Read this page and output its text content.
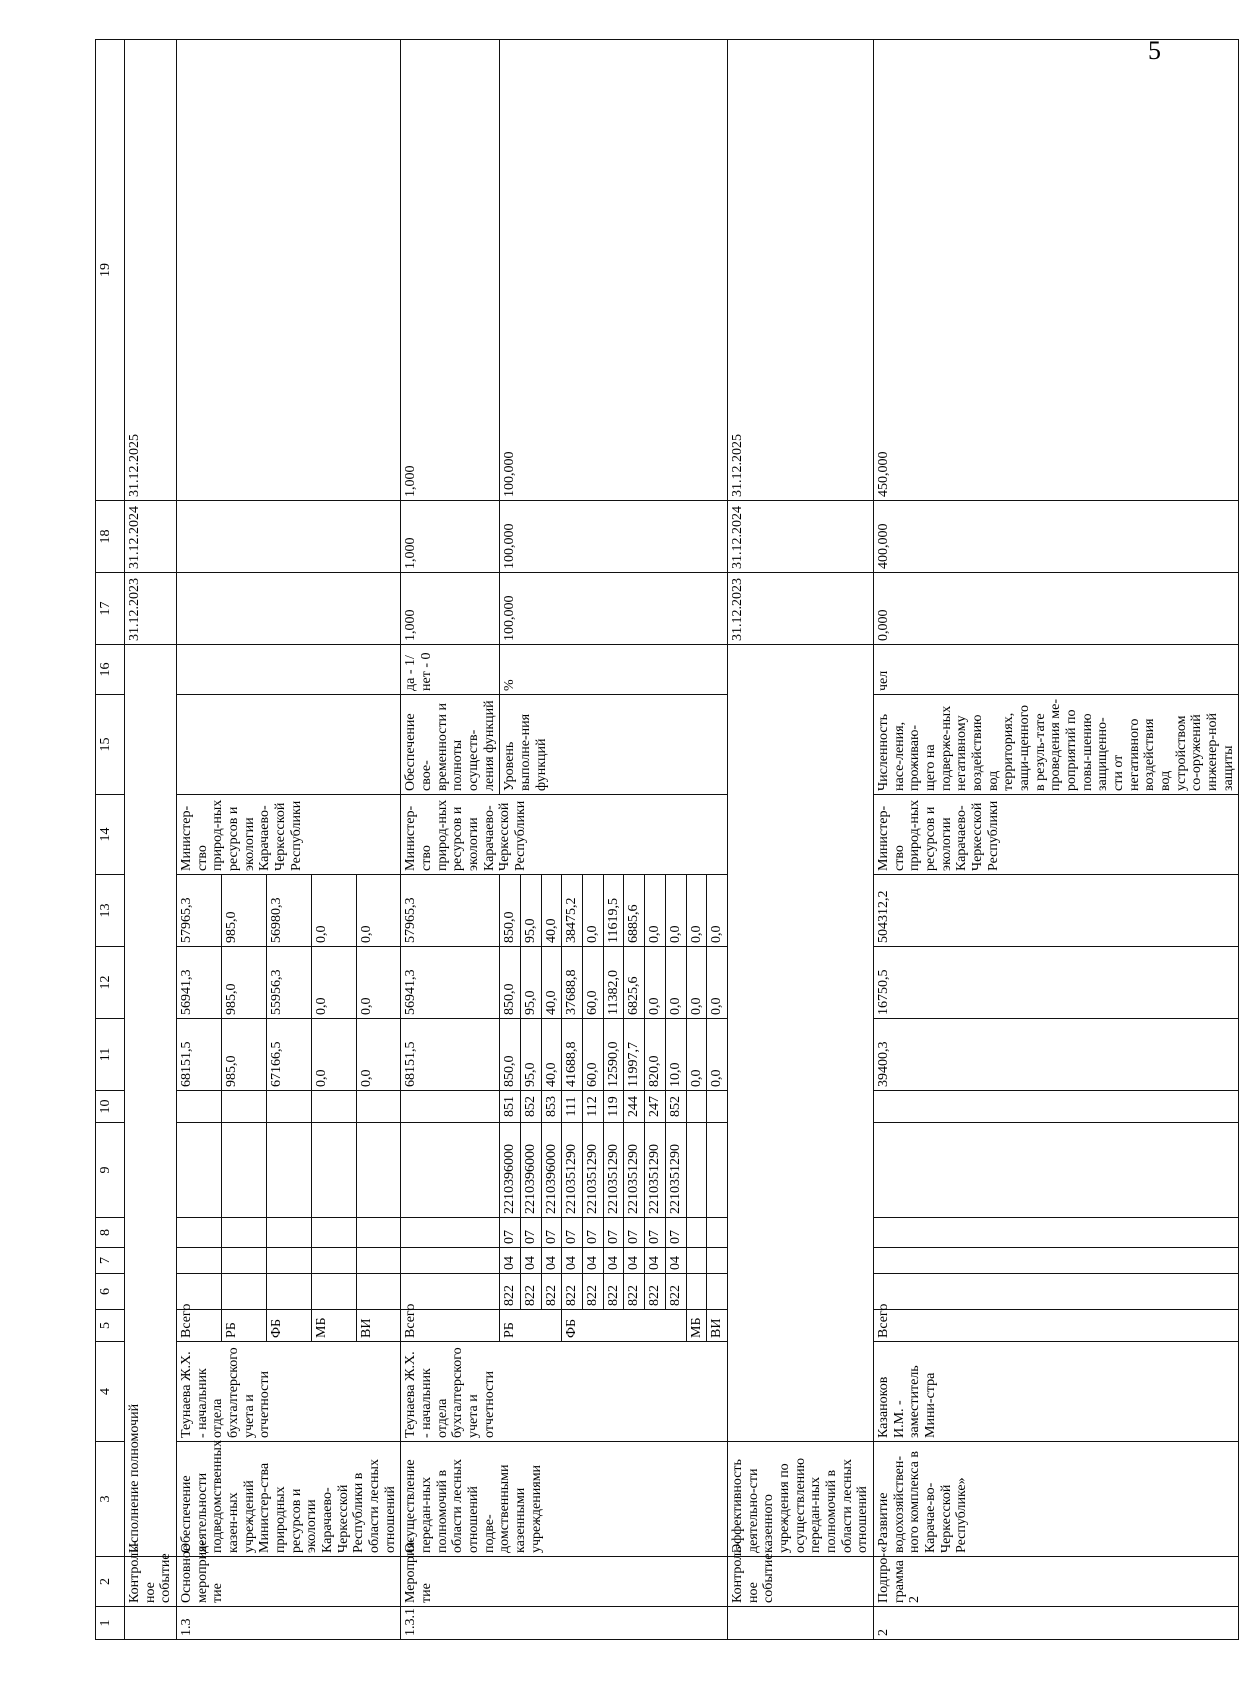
5
1	2	3	4	5	6	7	8	9	10	11	12	13	14	15	16	17	18	19
	Контроль-ное событие	Исполнение полномочий														31.12.2023	31.12.2024	31.12.2025
1.3	Основное мероприя-тие	Обеспечение деятельности подведомственных казен-ных учреждений Министер-ства природных ресурсов и экологии Карачаево-Черкесской Республики в области лесных отношений	Теунаева Ж.Х. - начальник отдела бухгалтерского учета и отчетности	Всего						68151,5	56941,3	57965,3	Министер-ство природ-ных ресурсов и экологии Карачаево-Черкесской Республики					
				РБ						985,0	985,0	985,0						
				ФБ						67166,5	55956,3	56980,3						
				МБ						0,0	0,0	0,0						
				ВИ						0,0	0,0	0,0						
1.3.1	Мероприя-тие	Осуществление передан-ных полномочий в области лесных отношений подве-домственными казенными учреждениями	Теунаева Ж.Х. - начальник отдела бухгалтерского учета и отчетности	Всего						68151,5	56941,3	57965,3	Министер-ство природ-ных ресурсов и экологии Карачаево-Черкесской Республики	Обеспечение свое-временности и полноты осуществ-ления функций	да - 1/ нет - 0	1,000	1,000	1,000
				РБ	822	04	07	2210396000	851	850,0	850,0	850,0		Уровень выполне-ния функций	%	100,000	100,000	100,000
					822	04	07	2210396000	852	95,0	95,0	95,0						
					822	04	07	2210396000	853	40,0	40,0	40,0						
				ФБ	822	04	07	2210351290	111	41688,8	37688,8	38475,2						
					822	04	07	2210351290	112	60,0	60,0	0,0						
					822	04	07	2210351290	119	12590,0	11382,0	11619,5						
					822	04	07	2210351290	244	11997,7	6825,6	6885,6						
					822	04	07	2210351290	247	820,0	0,0	0,0						
					822	04	07	2210351290	852	10,0	0,0	0,0						
				МБ						0,0	0,0	0,0						
				ВИ						0,0	0,0	0,0						
	Контроль-ное событие	Эффективность деятельно-сти казенного учреждения по осуществлению передан-ных полномочий в области лесных отношений														31.12.2023	31.12.2024	31.12.2025
2	Подпро-грамма 2	«Развитие водохозяйствен-ного комплекса в Карачае-во-Черкесской Республике»	Казаноков И.М. - заместитель Мини-стра	Всего						39400,3	16750,5	504312,2	Министер-ство природ-ных ресурсов и экологии Карачаево-Черкесской Республики	Численность насе-ления, проживаю-щего на подверже-ных негативному воздействию вод территориях, защи-щенного в резуль-тате проведения ме-роприятий по повы-шению защищенно-сти от негативного воздействия вод устройством со-оружений инженер-ной защиты	чел	0,000	400,000	450,000
